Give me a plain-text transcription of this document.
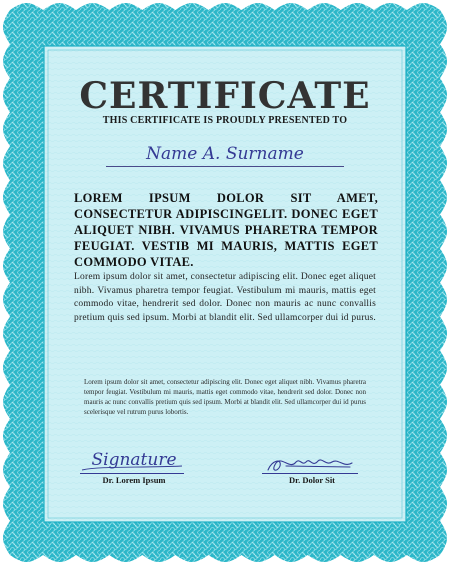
CERTIFICATE
THIS CERTIFICATE IS PROUDLY PRESENTED TO
Name A. Surname
LOREM IPSUM DOLOR SIT AMET, CONSECTETUR ADIPISCINGELIT. DONEC EGET ALIQUET NIBH. VIVAMUS PHARETRA TEMPOR FEUGIAT. VESTIB MI MAURIS, MATTIS EGET COMMODO VITAE.
Lorem ipsum dolor sit amet, consectetur adipiscing elit. Donec eget aliquet nibh. Vivamus pharetra tempor feugiat. Vestibulum mi mauris, mattis eget commodo vitae, hendrerit sed dolor. Donec non mauris ac nunc convallis pretium quis sed ipsum. Morbi at blandit elit. Sed ullamcorper dui id purus.
Lorem ipsum dolor sit amet, consectetur adipiscing elit. Donec eget aliquet nibh. Vivamus pharetra tempor feugiat. Vestibulum mi mauris, mattis eget commodo vitae, hendrerit sed dolor. Donec non mauris ac nunc convallis pretium quis sed ipsum. Morbi at blandit elit. Sed ullamcorper dui id purus scelerisque vel rutrum purus lobortis.
Signature
Dr. Lorem Ipsum	Dr. Dolor Sit
